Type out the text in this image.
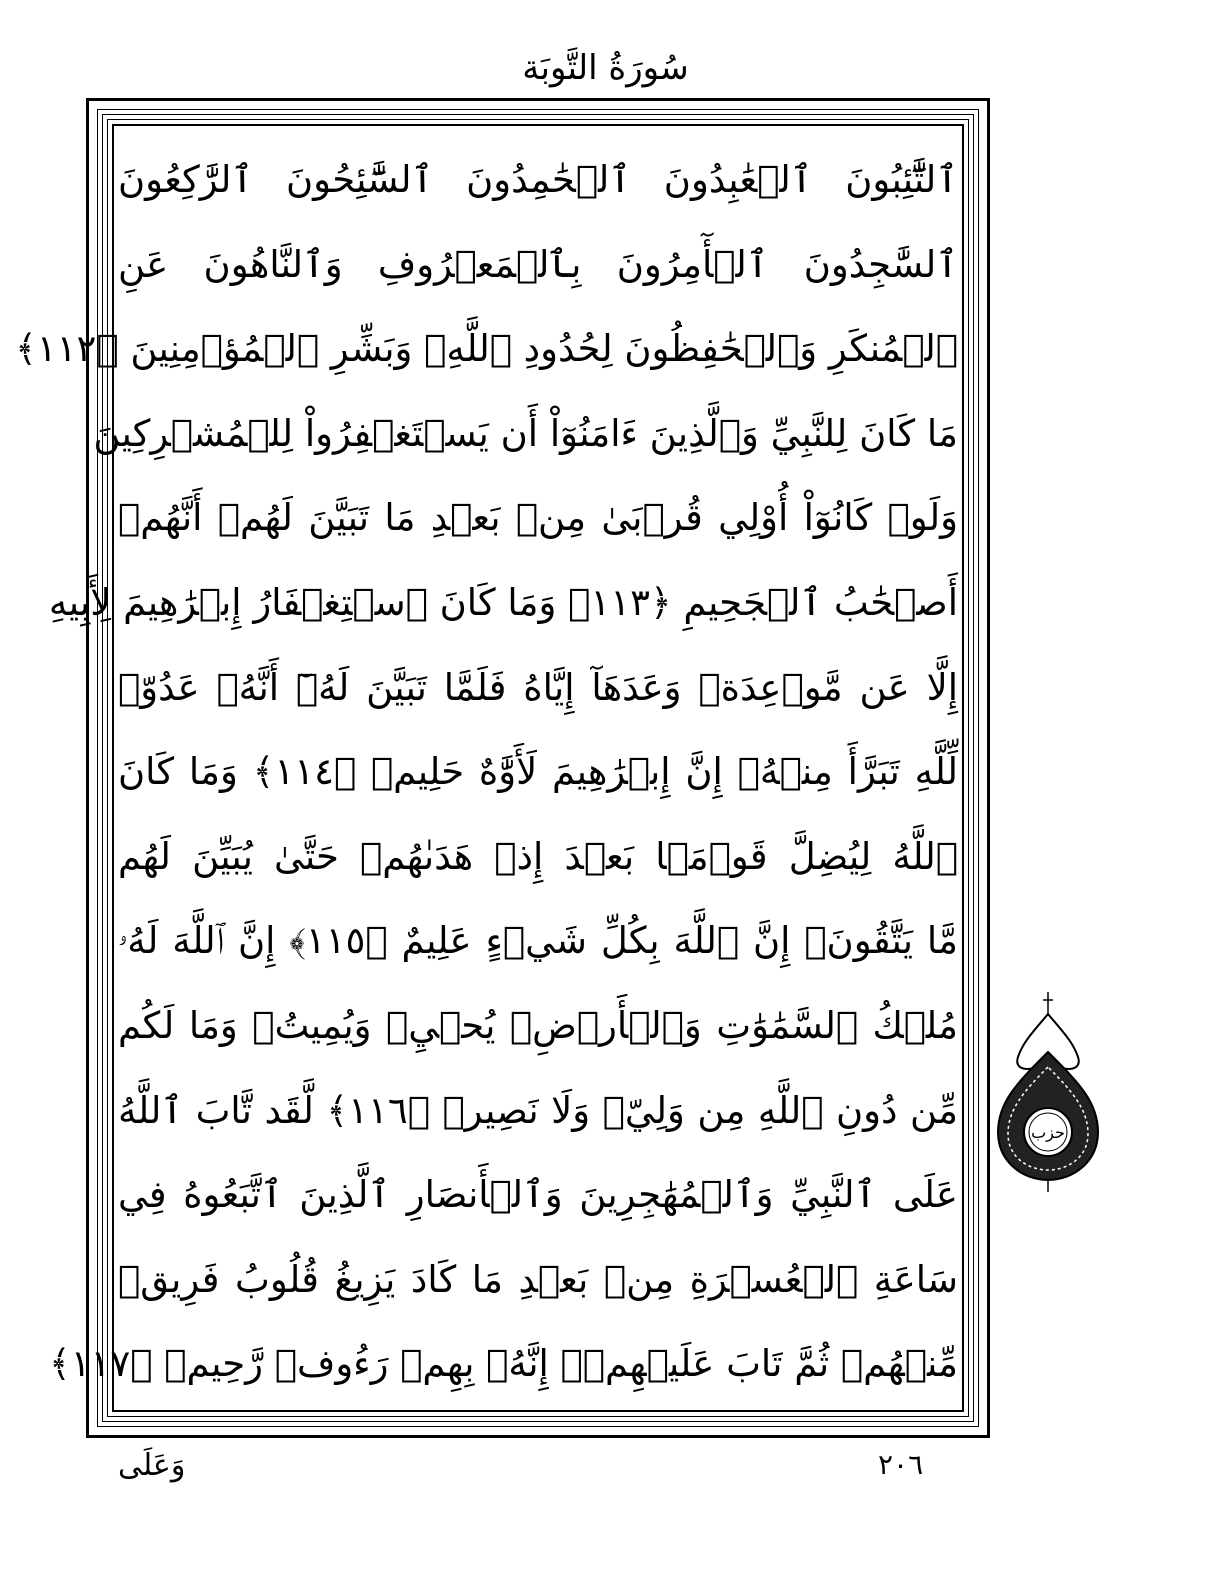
سُورَةُ التَّوبَة
ٱلتَّٰٓئِبُونَ ٱلۡعَٰبِدُونَ ٱلۡحَٰمِدُونَ ٱلسَّٰٓئِحُونَ ٱلرَّٰكِعُونَ
ٱلسَّٰجِدُونَ ٱلۡأٓمِرُونَ بِٱلۡمَعۡرُوفِ وَٱلنَّاهُونَ عَنِ
ٱلۡمُنكَرِ وَٱلۡحَٰفِظُونَ لِحُدُودِ ٱللَّهِۗ وَبَشِّرِ ٱلۡمُؤۡمِنِينَ ﴿١١٢﴾
مَا كَانَ لِلنَّبِيِّ وَٱلَّذِينَ ءَامَنُوٓاْ أَن يَسۡتَغۡفِرُواْ لِلۡمُشۡرِكِينَ
وَلَوۡ كَانُوٓاْ أُوْلِي قُرۡبَىٰ مِنۢ بَعۡدِ مَا تَبَيَّنَ لَهُمۡ أَنَّهُمۡ
أَصۡحَٰبُ ٱلۡجَحِيمِ ﴿١١٣﴾ وَمَا كَانَ ٱسۡتِغۡفَارُ إِبۡرَٰهِيمَ لِأَبِيهِ
إِلَّا عَن مَّوۡعِدَةٖ وَعَدَهَآ إِيَّاهُ فَلَمَّا تَبَيَّنَ لَهُۥٓ أَنَّهُۥ عَدُوّٞ
لِّلَّهِ تَبَرَّأَ مِنۡهُۚ إِنَّ إِبۡرَٰهِيمَ لَأَوَّٰهٌ حَلِيمٞ ﴿١١٤﴾ وَمَا كَانَ
ٱللَّهُ لِيُضِلَّ قَوۡمَۢا بَعۡدَ إِذۡ هَدَىٰهُمۡ حَتَّىٰ يُبَيِّنَ لَهُم
مَّا يَتَّقُونَۚ إِنَّ ٱللَّهَ بِكُلِّ شَيۡءٍ عَلِيمٌ ﴿١١٥﴾ إِنَّ ٱللَّهَ لَهُۥ
مُلۡكُ ٱلسَّمَٰوَٰتِ وَٱلۡأَرۡضِۖ يُحۡيِۦ وَيُمِيتُۚ وَمَا لَكُم
مِّن دُونِ ٱللَّهِ مِن وَلِيّٖ وَلَا نَصِيرٖ ﴿١١٦﴾ لَّقَد تَّابَ ٱللَّهُ
عَلَى ٱلنَّبِيِّ وَٱلۡمُهَٰجِرِينَ وَٱلۡأَنصَارِ ٱلَّذِينَ ٱتَّبَعُوهُ فِي
سَاعَةِ ٱلۡعُسۡرَةِ مِنۢ بَعۡدِ مَا كَادَ يَزِيغُ قُلُوبُ فَرِيقٖ
مِّنۡهُمۡ ثُمَّ تَابَ عَلَيۡهِمۡۚ إِنَّهُۥ بِهِمۡ رَءُوفٞ رَّحِيمٞ ﴿١١٧﴾
حزب
وَعَلَى	٢٠٦
